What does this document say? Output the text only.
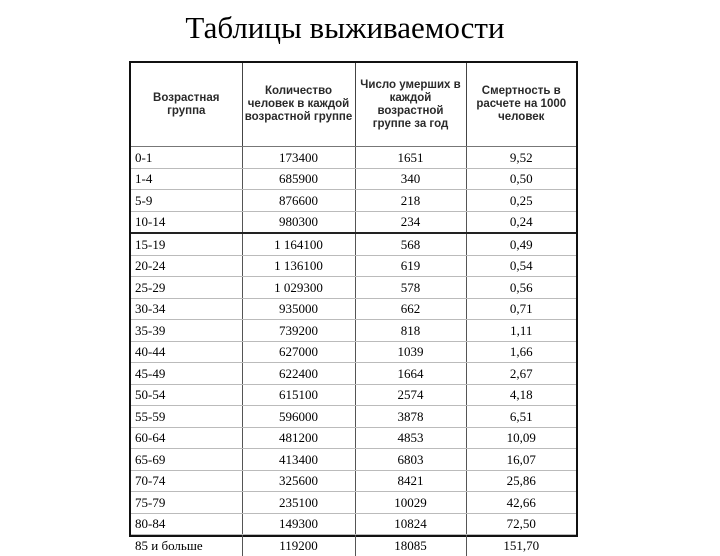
Таблицы выживаемости
Возрастная группа	Количество человек в каждой возрастной группе	Число умерших в каждой возрастной группе за год	Смертность в расчете на 1000 человек
0-1	173400	1651	9,52
1-4	685900	340	0,50
5-9	876600	218	0,25
10-14	980300	234	0,24
15-19	1 164100	568	0,49
20-24	1 136100	619	0,54
25-29	1 029300	578	0,56
30-34	935000	662	0,71
35-39	739200	818	1,11
40-44	627000	1039	1,66
45-49	622400	1664	2,67
50-54	615100	2574	4,18
55-59	596000	3878	6,51
60-64	481200	4853	10,09
65-69	413400	6803	16,07
70-74	325600	8421	25,86
75-79	235100	10029	42,66
80-84	149300	10824	72,50
85 и больше	119200	18085	151,70
